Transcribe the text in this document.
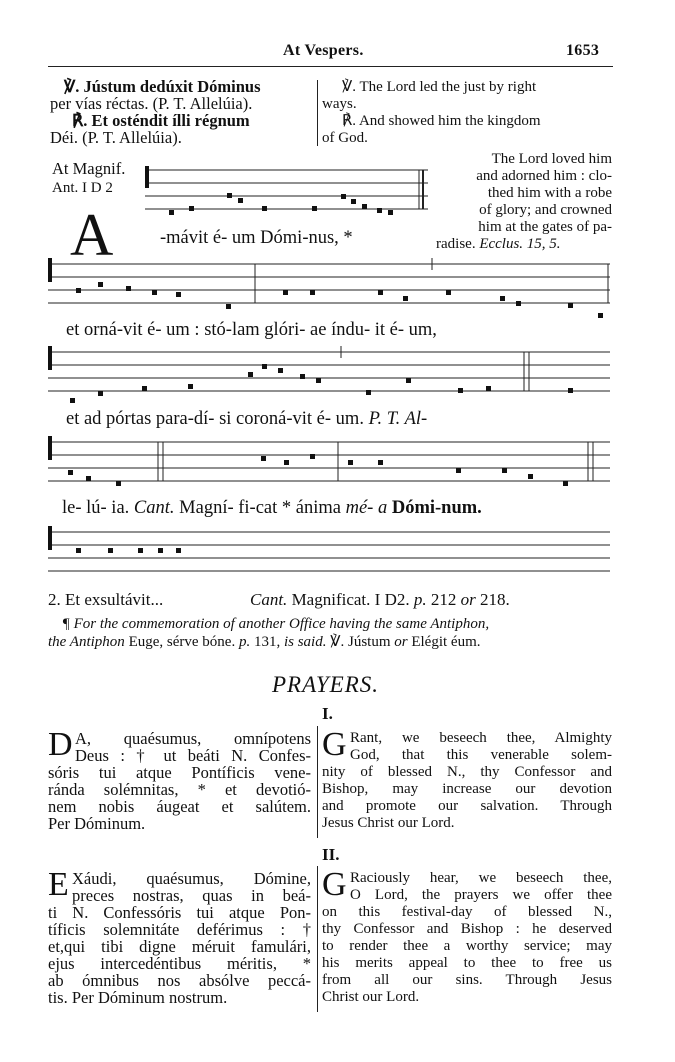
At Vespers.	1653
℣. Jústum dedúxit Dóminus
per vías réctas. (P. T. Allelúia).
℟. Et osténdit ílli régnum
Déi. (P. T. Allelúia).
℣. The Lord led the just by right
ways.
℟. And showed him the kingdom
of God.
At Magnif.
Ant. I D 2
A	-mávit é- um Dómi-nus, *
The Lord loved him
and adorned him : clo-
thed him with a robe
of glory; and crowned
him at the gates of pa-
radise. Ecclus. 15, 5.
et orná-vit é- um : stó-lam glóri- ae índu- it é- um,
et ad pórtas para-dí- si coroná-vit é- um. P. T. Al-
le- lú- ia. Cant. Magní- fi-cat * ánima mé- a Dómi-num.
2. Et exsultávit...	Cant. Magnificat. I D2. p. 212 or 218.
¶ For the commemoration of another Office having the same Antiphon,
the Antiphon Euge, sérve bóne. p. 131, is said. ℣. Jústum or Elégit éum.
PRAYERS.
I.
D A, quaésumus, omnípotens
Deus : † ut beáti N. Confes-
sóris tui atque Pontíficis vene-
ránda solémnitas, * et devotió-
nem nobis áugeat et salútem.
Per Dóminum.
G Rant, we beseech thee, Almighty
God, that this venerable solem-
nity of blessed N., thy Confessor and
Bishop, may increase our devotion
and promote our salvation. Through
Jesus Christ our Lord.
II.
E Xáudi, quaésumus, Dómine,
preces nostras, quas in beá-
ti N. Confessóris tui atque Pon-
tíficis solemnitáte deférimus : †
et,qui tibi digne méruit famulári,
ejus intercedéntibus méritis, *
ab ómnibus nos absólve peccá-
tis. Per Dóminum nostrum.
G Raciously hear, we beseech thee,
O Lord, the prayers we offer thee
on this festival-day of blessed N.,
thy Confessor and Bishop : he deserved
to render thee a worthy service; may
his merits appeal to thee to free us
from all our sins. Through Jesus
Christ our Lord.
